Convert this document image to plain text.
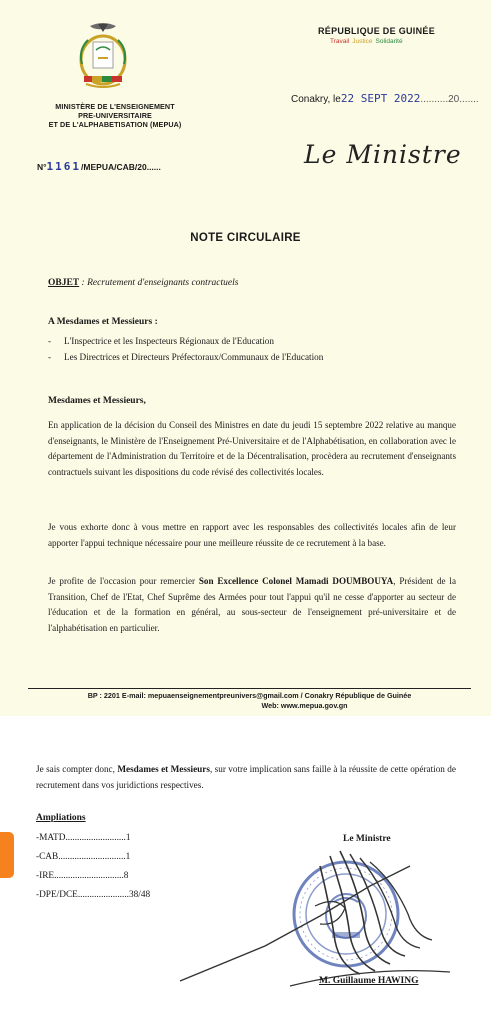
MINISTÈRE DE L'ENSEIGNEMENT
PRE-UNIVERSITAIRE
ET DE L'ALPHABETISATION (MEPUA)
N°1161/MEPUA/CAB/20......
RÉPUBLIQUE DE GUINÉE
Travail Justice Solidarité
Conakry, le22 SEPT 2022..........20.......
Le Ministre
NOTE CIRCULAIRE
OBJET : Recrutement d'enseignants contractuels
A Mesdames et Messieurs :
- L'Inspectrice et les Inspecteurs Régionaux de l'Education
- Les Directrices et Directeurs Préfectoraux/Communaux de l'Education
Mesdames et Messieurs,
En application de la décision du Conseil des Ministres en date du jeudi 15 septembre 2022 relative au manque d'enseignants, le Ministère de l'Enseignement Pré-Universitaire et de l'Alphabétisation, en collaboration avec le département de l'Administration du Territoire et de la Décentralisation, procèdera au recrutement d'enseignants contractuels suivant les dispositions du code révisé des collectivités locales.
Je vous exhorte donc à vous mettre en rapport avec les responsables des collectivités locales afin de leur apporter l'appui technique nécessaire pour une meilleure réussite de ce recrutement à la base.
Je profite de l'occasion pour remercier Son Excellence Colonel Mamadi DOUMBOUYA, Président de la Transition, Chef de l'Etat, Chef Suprême des Armées pour tout l'appui qu'il ne cesse d'apporter au secteur de l'éducation et de la formation en général, au sous-secteur de l'enseignement pré-universitaire et de l'alphabétisation en particulier.
BP : 2201 E-mail: mepuaenseignementpreunivers@gmail.com / Conakry République de Guinée
Web: www.mepua.gov.gn
Je sais compter donc, Mesdames et Messieurs, sur votre implication sans faille à la réussite de cette opération de recrutement dans vos juridictions respectives.
Ampliations
-MATD..........................1
-CAB.............................1
-IRE..............................8
-DPE/DCE......................38/48
Le Ministre
M. Guillaume HAWING
